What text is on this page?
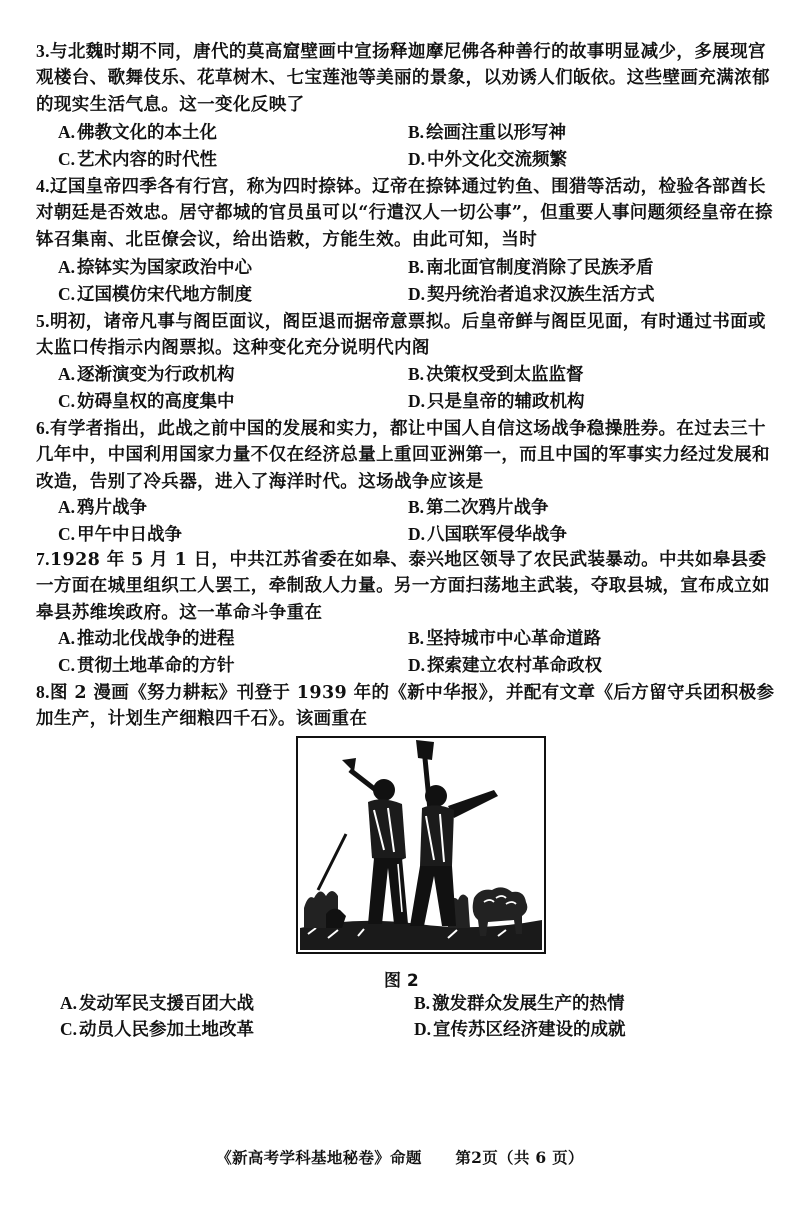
3.与北魏时期不同，唐代的莫高窟壁画中宣扬释迦摩尼佛各种善行的故事明显减少，多展现宫观楼台、歌舞伎乐、花草树木、七宝莲池等美丽的景象，以劝诱人们皈依。这些壁画充满浓郁的现实生活气息。这一变化反映了
A. 佛教文化的本土化	B. 绘画注重以形写神
C. 艺术内容的时代性	D. 中外文化交流频繁
4.辽国皇帝四季各有行宫，称为四时捺钵。辽帝在捺钵通过钓鱼、围猎等活动，检验各部酋长对朝廷是否效忠。居守都城的官员虽可以“行遣汉人一切公事”，但重要人事问题须经皇帝在捺钵召集南、北臣僚会议，给出诰敕，方能生效。由此可知，当时
A. 捺钵实为国家政治中心	B. 南北面官制度消除了民族矛盾
C. 辽国模仿宋代地方制度	D. 契丹统治者追求汉族生活方式
5.明初，诸帝凡事与阁臣面议，阁臣退而据帝意票拟。后皇帝鲜与阁臣见面，有时通过书面或太监口传指示内阁票拟。这种变化充分说明代内阁
A. 逐渐演变为行政机构	B. 决策权受到太监监督
C. 妨碍皇权的高度集中	D. 只是皇帝的辅政机构
6.有学者指出，此战之前中国的发展和实力，都让中国人自信这场战争稳操胜券。在过去三十几年中，中国利用国家力量不仅在经济总量上重回亚洲第一，而且中国的军事实力经过发展和改造，告别了冷兵器，进入了海洋时代。这场战争应该是
A. 鸦片战争	B. 第二次鸦片战争
C. 甲午中日战争	D. 八国联军侵华战争
7.1928 年 5 月 1 日，中共江苏省委在如皋、泰兴地区领导了农民武装暴动。中共如皋县委一方面在城里组织工人罢工，牵制敌人力量。另一方面扫荡地主武装，夺取县城，宣布成立如皋县苏维埃政府。这一革命斗争重在
A. 推动北伐战争的进程	B. 坚持城市中心革命道路
C. 贯彻土地革命的方针	D. 探索建立农村革命政权
8.图 2 漫画《努力耕耘》刊登于 1939 年的《新中华报》，并配有文章《后方留守兵团积极参加生产，计划生产细粮四千石》。该画重在
图 2
A. 发动军民支援百团大战	B. 激发群众发展生产的热情
C. 动员人民参加土地改革	D. 宣传苏区经济建设的成就
《新高考学科基地秘卷》命题 第2页（共 6 页）
